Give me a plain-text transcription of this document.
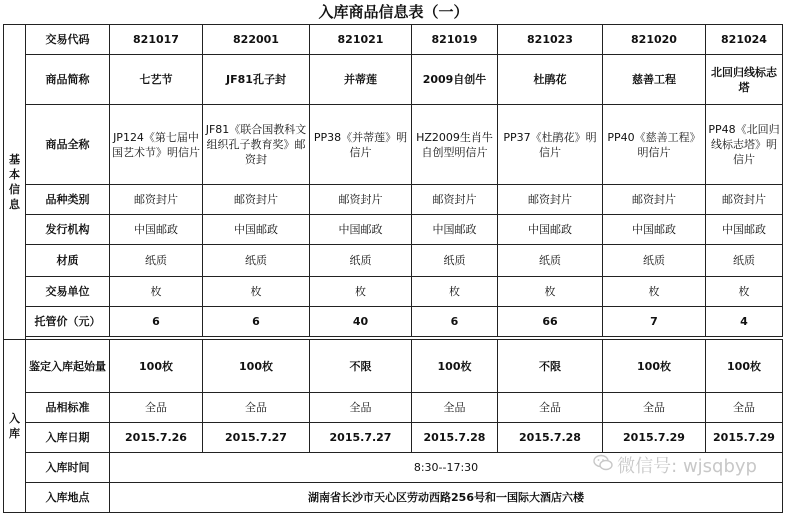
入库商品信息表（一）
基
本
信
息	交易代码	821017	822001	821021	821019	821023	821020	821024
	商品简称	七艺节	JF81孔子封	并蒂莲	2009自创牛	杜鹃花	慈善工程	北回归线标志塔
	商品全称	JP124《第七届中国艺术节》明信片	JF81《联合国教科文组织孔子教育奖》邮资封	PP38《并蒂莲》明信片	HZ2009生肖牛自创型明信片	PP37《杜鹃花》明信片	PP40《慈善工程》明信片	PP48《北回归线标志塔》明信片
	品种类别	邮资封片	邮资封片	邮资封片	邮资封片	邮资封片	邮资封片	邮资封片
	发行机构	中国邮政	中国邮政	中国邮政	中国邮政	中国邮政	中国邮政	中国邮政
	材质	纸质	纸质	纸质	纸质	纸质	纸质	纸质
	交易单位	枚	枚	枚	枚	枚	枚	枚
	托管价（元）	6	6	40	6	66	7	4

入
库	鉴定入库起始量	100枚	100枚	不限	100枚	不限	100枚	100枚
	品相标准	全品	全品	全品	全品	全品	全品	全品
	入库日期	2015.7.26	2015.7.27	2015.7.27	2015.7.28	2015.7.28	2015.7.29	2015.7.29
	入库时间	8:30--17:30						
	入库地点	湖南省长沙市天心区劳动西路256号和一国际大酒店六楼						
微信号: wjsqbyp
